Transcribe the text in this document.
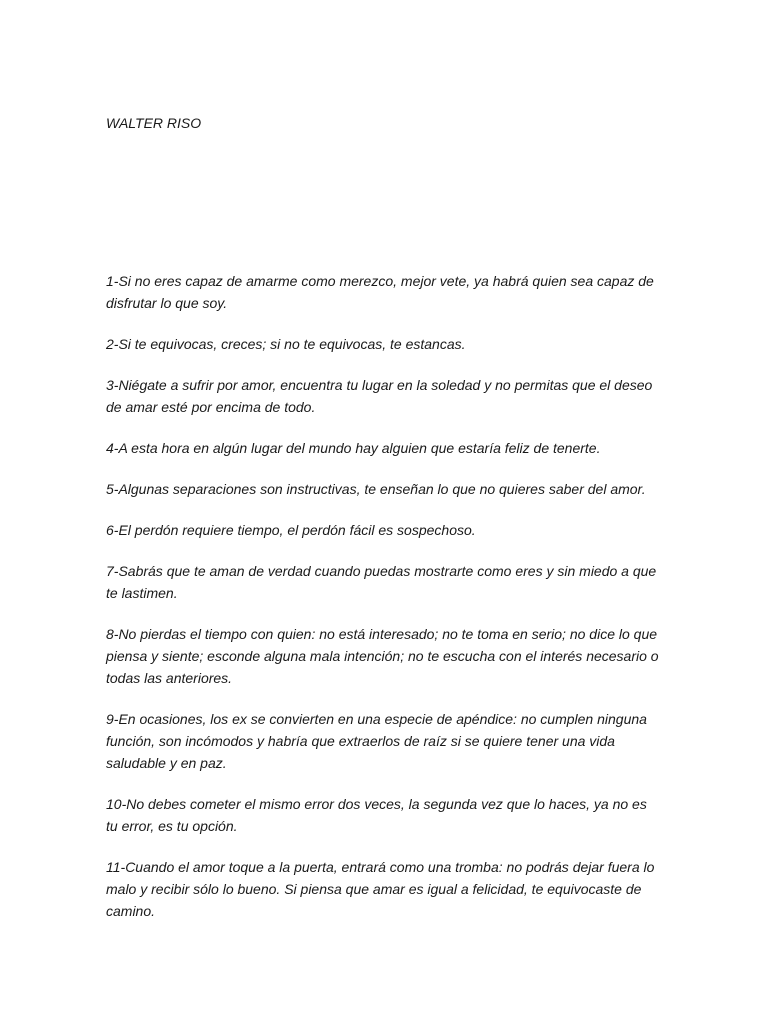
WALTER RISO

1-Si no eres capaz de amarme como merezco, mejor vete, ya habrá quien sea capaz de disfrutar lo que soy.
2-Si te equivocas, creces; si no te equivocas, te estancas.
3-Niégate a sufrir por amor, encuentra tu lugar en la soledad y no permitas que el deseo de amar esté por encima de todo.
4-A esta hora en algún lugar del mundo hay alguien que estaría feliz de tenerte.
5-Algunas separaciones son instructivas, te enseñan lo que no quieres saber del amor.
6-El perdón requiere tiempo, el perdón fácil es sospechoso.
7-Sabrás que te aman de verdad cuando puedas mostrarte como eres y sin miedo a que te lastimen.
8-No pierdas el tiempo con quien: no está interesado; no te toma en serio; no dice lo que piensa y siente; esconde alguna mala intención; no te escucha con el interés necesario o todas las anteriores.
9-En ocasiones, los ex se convierten en una especie de apéndice: no cumplen ninguna función, son incómodos y habría que extraerlos de raíz si se quiere tener una vida saludable y en paz.
10-No debes cometer el mismo error dos veces, la segunda vez que lo haces, ya no es tu error, es tu opción.
11-Cuando el amor toque a la puerta, entrará como una tromba: no podrás dejar fuera lo malo y recibir sólo lo bueno. Si piensa que amar es igual a felicidad, te equivocaste de camino.
